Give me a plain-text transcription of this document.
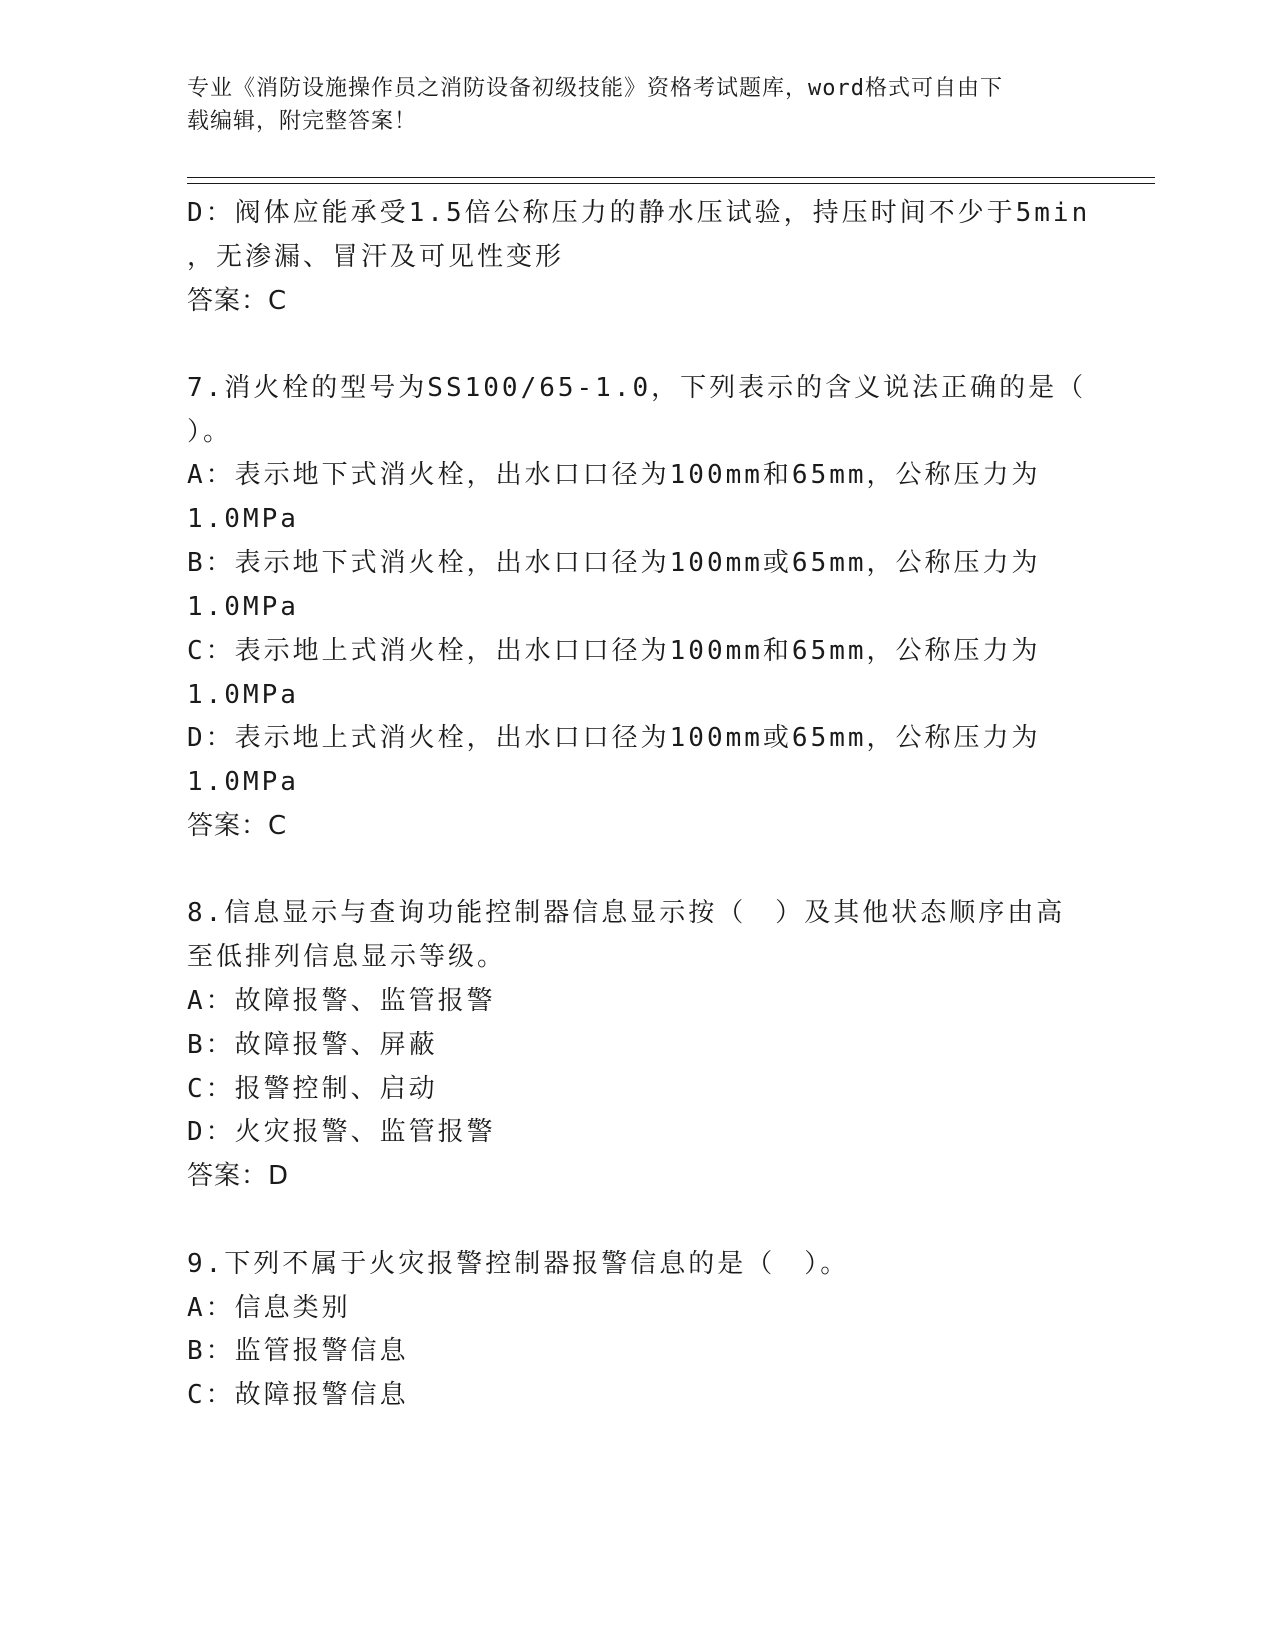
专业《消防设施操作员之消防设备初级技能》资格考试题库，word格式可自由下
载编辑，附完整答案！
D：阀体应能承受1.5倍公称压力的静水压试验，持压时间不少于5min
，无渗漏、冒汗及可见性变形
答案：C
7.消火栓的型号为SS100/65-1.0，下列表示的含义说法正确的是（
）。
A：表示地下式消火栓，出水口口径为100mm和65mm，公称压力为
1.0MPa
B：表示地下式消火栓，出水口口径为100mm或65mm，公称压力为
1.0MPa
C：表示地上式消火栓，出水口口径为100mm和65mm，公称压力为
1.0MPa
D：表示地上式消火栓，出水口口径为100mm或65mm，公称压力为
1.0MPa
答案：C
8.信息显示与查询功能控制器信息显示按（　）及其他状态顺序由高
至低排列信息显示等级。
A：故障报警、监管报警
B：故障报警、屏蔽
C：报警控制、启动
D：火灾报警、监管报警
答案：D
9.下列不属于火灾报警控制器报警信息的是（　）。
A：信息类别
B：监管报警信息
C：故障报警信息
